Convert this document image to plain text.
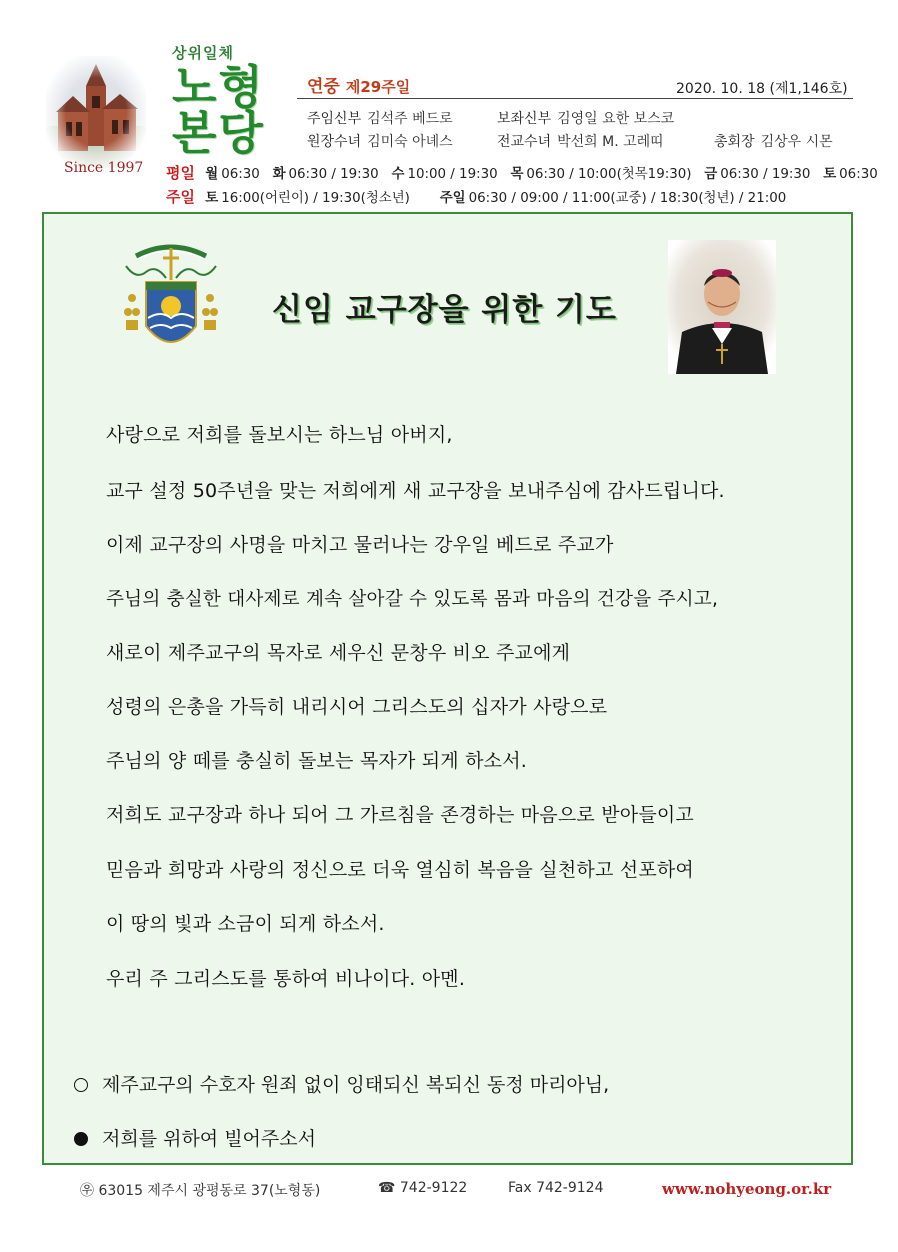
Since 1997
상위일체
노형
본당
연중 제29주일	2020. 10. 18 (제1,146호)
주임신부 김석주 베드로	보좌신부 김영일 요한 보스코
원장수녀 김미숙 아녜스	전교수녀 박선희 M. 고레띠	총회장 김상우 시몬
평일 월 06:30 화 06:30 / 19:30 수 10:00 / 19:30 목 06:30 / 10:00(첫목19:30) 금 06:30 / 19:30 토 06:30
주일 토 16:00(어린이) / 19:30(청소년) 주일 06:30 / 09:00 / 11:00(교중) / 18:30(청년) / 21:00
신임 교구장을 위한 기도
사랑으로 저희를 돌보시는 하느님 아버지,
교구 설정 50주년을 맞는 저희에게 새 교구장을 보내주심에 감사드립니다.
이제 교구장의 사명을 마치고 물러나는 강우일 베드로 주교가
주님의 충실한 대사제로 계속 살아갈 수 있도록 몸과 마음의 건강을 주시고,
새로이 제주교구의 목자로 세우신 문창우 비오 주교에게
성령의 은총을 가득히 내리시어 그리스도의 십자가 사랑으로
주님의 양 떼를 충실히 돌보는 목자가 되게 하소서.
저희도 교구장과 하나 되어 그 가르침을 존경하는 마음으로 받아들이고
믿음과 희망과 사랑의 정신으로 더욱 열심히 복음을 실천하고 선포하여
이 땅의 빛과 소금이 되게 하소서.
우리 주 그리스도를 통하여 비나이다. 아멘.
제주교구의 수호자 원죄 없이 잉태되신 복되신 동정 마리아님,
저희를 위하여 빌어주소서
㉾ 63015 제주시 광평동로 37(노형동)	☎ 742-9122	Fax 742-9124	www.nohyeong.or.kr
